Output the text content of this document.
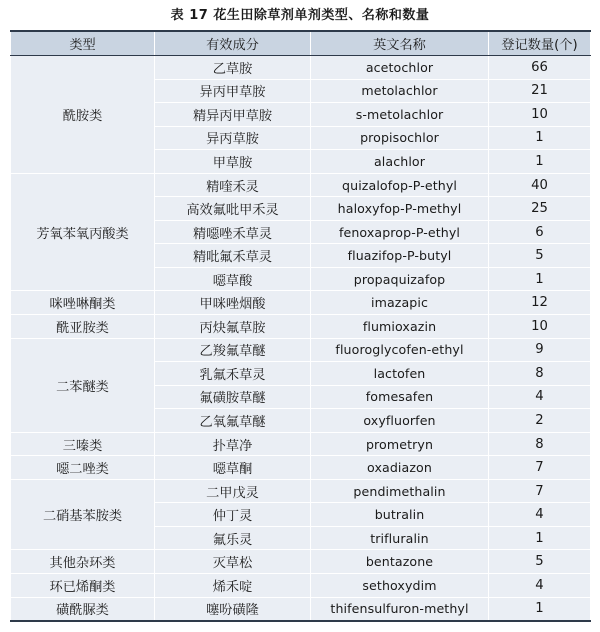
表 17 花生田除草剂单剂类型、名称和数量
类型	有效成分	英文名称	登记数量(个)
酰胺类	乙草胺	acetochlor	66
	异丙甲草胺	metolachlor	21
	精异丙甲草胺	s-metolachlor	10
	异丙草胺	propisochlor	1
	甲草胺	alachlor	1
芳氧苯氧丙酸类	精喹禾灵	quizalofop-P-ethyl	40
	高效氟吡甲禾灵	haloxyfop-P-methyl	25
	精噁唑禾草灵	fenoxaprop-P-ethyl	6
	精吡氟禾草灵	fluazifop-P-butyl	5
	噁草酸	propaquizafop	1
咪唑啉酮类	甲咪唑烟酸	imazapic	12
酰亚胺类	丙炔氟草胺	flumioxazin	10
二苯醚类	乙羧氟草醚	fluoroglycofen-ethyl	9
	乳氟禾草灵	lactofen	8
	氟磺胺草醚	fomesafen	4
	乙氧氟草醚	oxyfluorfen	2
三嗪类	扑草净	prometryn	8
噁二唑类	噁草酮	oxadiazon	7
二硝基苯胺类	二甲戊灵	pendimethalin	7
	仲丁灵	butralin	4
	氟乐灵	trifluralin	1
其他杂环类	灭草松	bentazone	5
环已烯酮类	烯禾啶	sethoxydim	4
磺酰脲类	噻吩磺隆	thifensulfuron-methyl	1
